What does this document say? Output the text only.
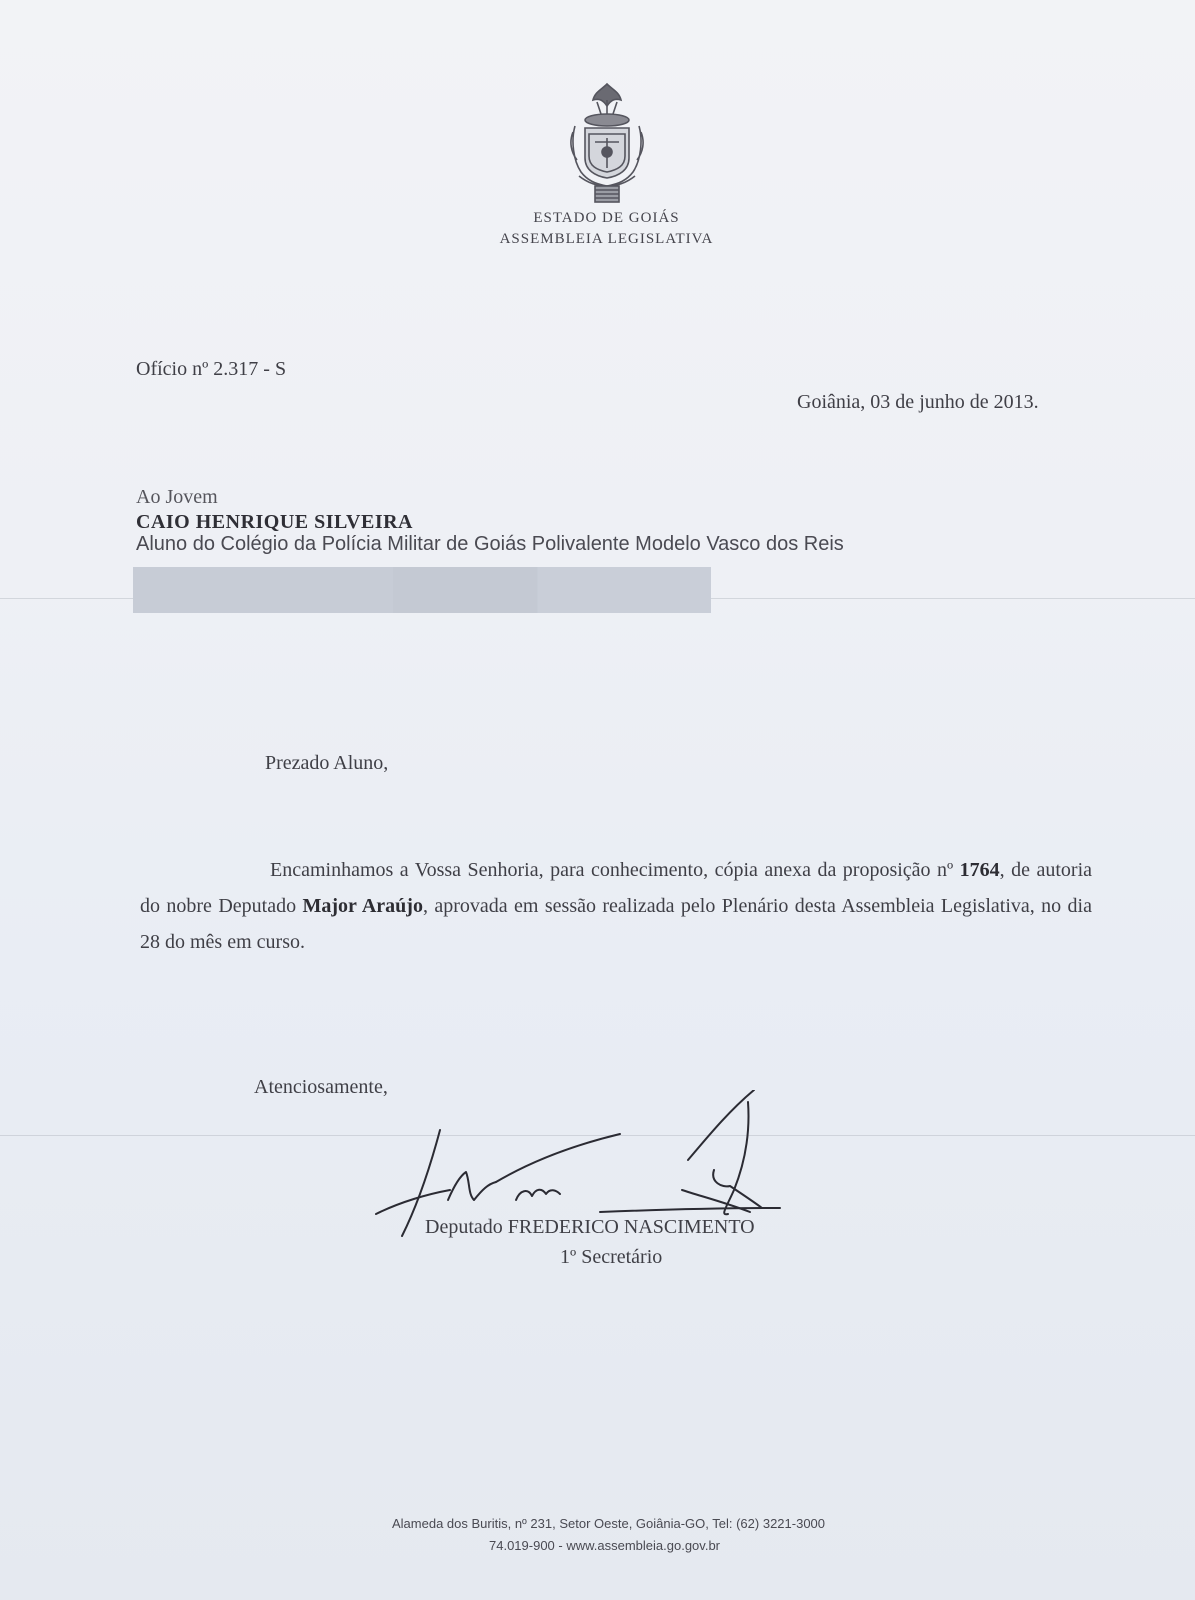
ESTADO DE GOIÁS
ASSEMBLEIA LEGISLATIVA
Ofício nº 2.317 - S
Goiânia, 03 de junho de 2013.
Ao Jovem
CAIO HENRIQUE SILVEIRA
Aluno do Colégio da Polícia Militar de Goiás Polivalente Modelo Vasco dos Reis
Prezado Aluno,
Encaminhamos a Vossa Senhoria, para conhecimento, cópia anexa da proposição nº 1764, de autoria do nobre Deputado Major Araújo, aprovada em sessão realizada pelo Plenário desta Assembleia Legislativa, no dia 28 do mês em curso.
Atenciosamente,
Deputado FREDERICO NASCIMENTO
1º Secretário
Alameda dos Buritis, nº 231, Setor Oeste, Goiânia-GO, Tel: (62) 3221-3000
74.019-900 - www.assembleia.go.gov.br
